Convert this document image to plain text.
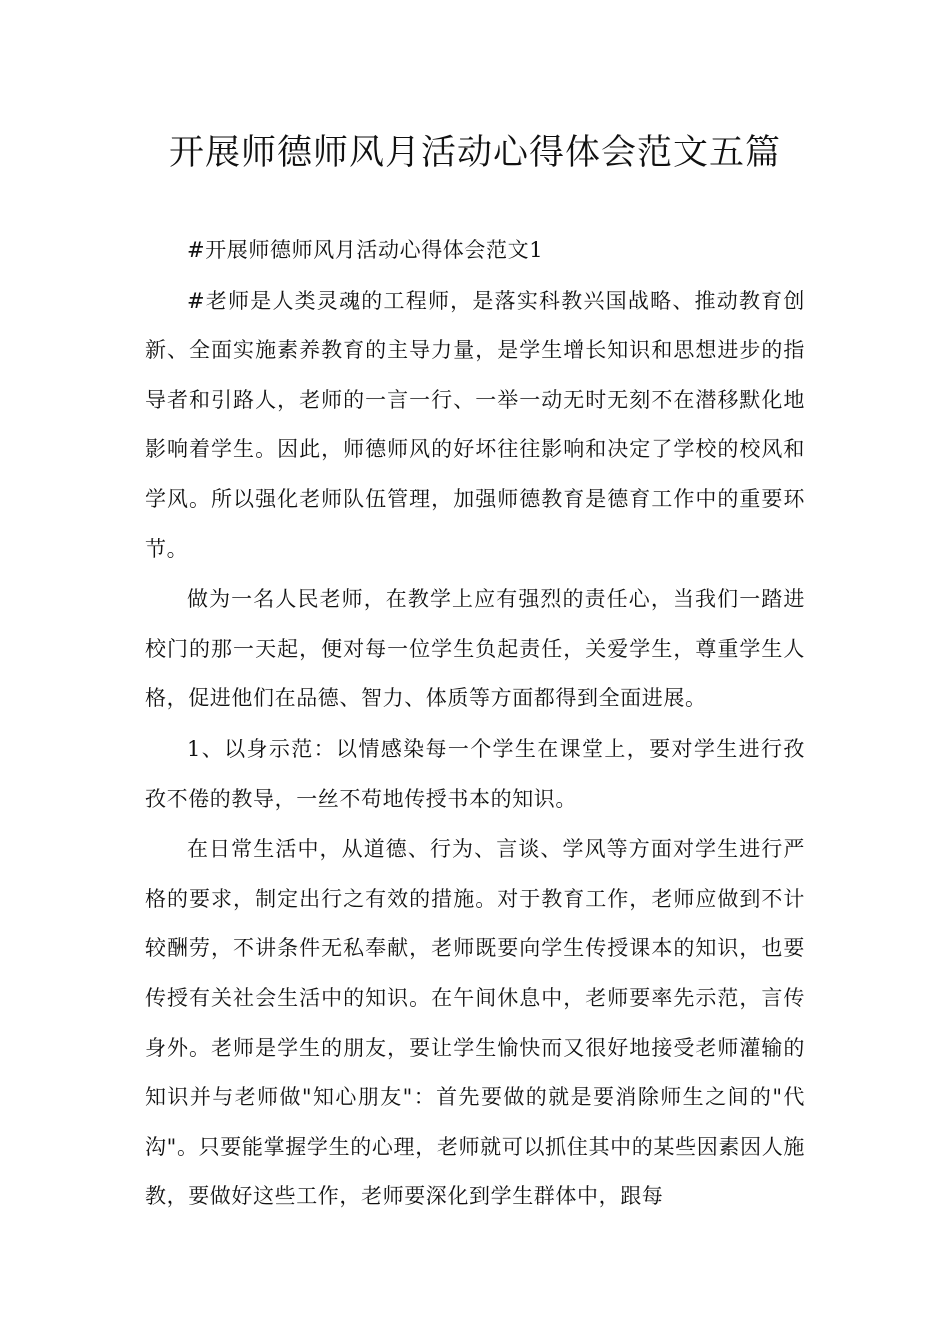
开展师德师风月活动心得体会范文五篇

#开展师德师风月活动心得体会范文1

#老师是人类灵魂的工程师，是落实科教兴国战略、推动教育创新、全面实施素养教育的主导力量，是学生增长知识和思想进步的指导者和引路人，老师的一言一行、一举一动无时无刻不在潜移默化地影响着学生。因此，师德师风的好坏往往影响和决定了学校的校风和学风。所以强化老师队伍管理，加强师德教育是德育工作中的重要环节。

做为一名人民老师，在教学上应有强烈的责任心，当我们一踏进校门的那一天起，便对每一位学生负起责任，关爱学生，尊重学生人格，促进他们在品德、智力、体质等方面都得到全面进展。

1、以身示范：以情感染每一个学生在课堂上，要对学生进行孜孜不倦的教导，一丝不苟地传授书本的知识。

在日常生活中，从道德、行为、言谈、学风等方面对学生进行严格的要求，制定出行之有效的措施。对于教育工作，老师应做到不计较酬劳，不讲条件无私奉献，老师既要向学生传授课本的知识，也要传授有关社会生活中的知识。在午间休息中，老师要率先示范，言传身外。老师是学生的朋友，要让学生愉快而又很好地接受老师灌输的知识并与老师做"知心朋友"：首先要做的就是要消除师生之间的"代沟"。只要能掌握学生的心理，老师就可以抓住其中的某些因素因人施教，要做好这些工作，老师要深化到学生群体中，跟每
